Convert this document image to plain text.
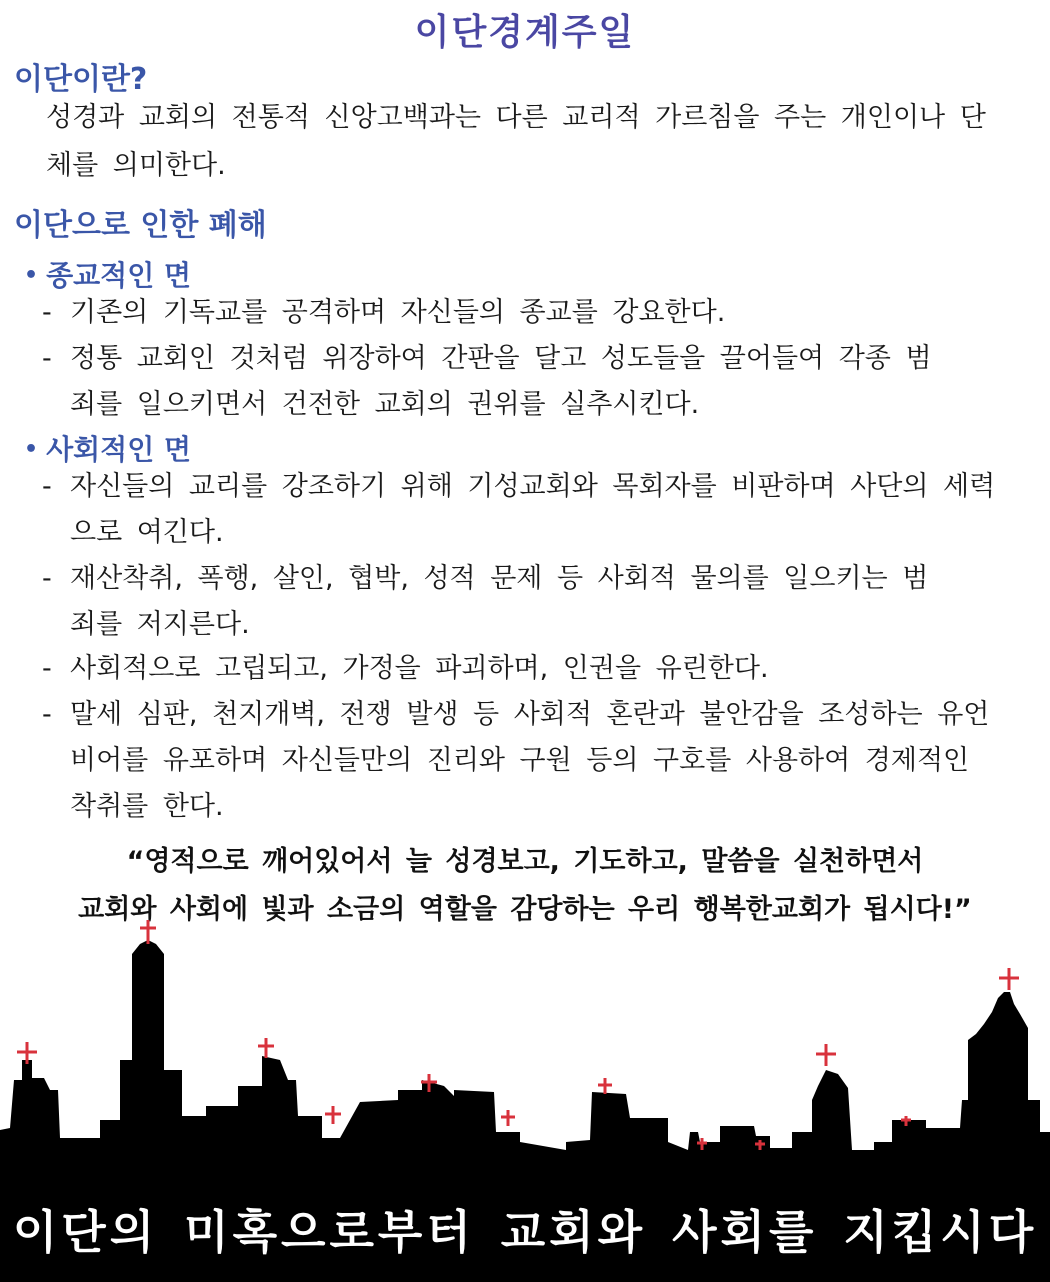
이단경계주일
이단이란?
성경과 교회의 전통적 신앙고백과는 다른 교리적 가르침을 주는 개인이나 단체를 의미한다.
이단으로 인한 폐해
• 종교적인 면
- 기존의 기독교를 공격하며 자신들의 종교를 강요한다.
- 정통 교회인 것처럼 위장하여 간판을 달고 성도들을 끌어들여 각종 범죄를 일으키면서 건전한 교회의 권위를 실추시킨다.
• 사회적인 면
- 자신들의 교리를 강조하기 위해 기성교회와 목회자를 비판하며 사단의 세력으로 여긴다.
- 재산착취, 폭행, 살인, 협박, 성적 문제 등 사회적 물의를 일으키는 범죄를 저지른다.
- 사회적으로 고립되고, 가정을 파괴하며, 인권을 유린한다.
- 말세 심판, 천지개벽, 전쟁 발생 등 사회적 혼란과 불안감을 조성하는 유언비어를 유포하며 자신들만의 진리와 구원 등의 구호를 사용하여 경제적인 착취를 한다.
“영적으로 깨어있어서 늘 성경보고, 기도하고, 말씀을 실천하면서
교회와 사회에 빛과 소금의 역할을 감당하는 우리 행복한교회가 됩시다!”
이단의 미혹으로부터 교회와 사회를 지킵시다
